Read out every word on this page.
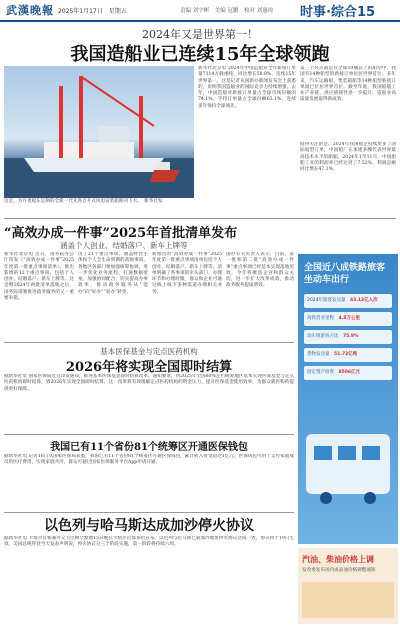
武漢晚報 2025年1月17日　星期五	责编 刘宇彬　美编 冠鹏　校对 刘惠琼 时事·综合15
2024年又是世界第一！
我国造船业已连续15年全球领跑
这是，为丹麦船东定制的全新一代先进自升式风电安装船期刊下水。　新华社发
新华社北京电 2024年中国造船业全年新接订单量7114万载重吨，同比增长58.8%，连续15年世界第一。这是记者从国新办新闻发布会上获悉的，说明我国造船业的国际竞争力持续增强。去年，中国造船业新接订单量占全球市场份额的74.1%，手持订单量占全球份额63.1%，连续多年保持全球领先。
第三个亮点就是在全球10艘以上的船型中，我国有14种船型的新接订单位居世界首位。多年来，汽车运输船、集装箱船等14种船型新接订单量已位居世界首位。截至年底，我国船舶工业产业链、供应链韧性进一步提升，造船业高质量发展取得新成效。
值得关注的是，2024年我国船企持续更多了国际船型订单，中国船厂正承建多艘代表世界最高技术水平的船舶。2024年1至11月，中国船舶工业的利润率已经达到了7.52%，利润总额同比增长47.1%。
“高效办成一件事”2025年首批清单发布
涵盖个人创业、结婚落户、新车上牌等
新华社北京电 近日，国务院办公厅印发《“高效办成一件事”2025年度第一批重点事项清单》，推出新增的12个重点事项，包括个人创业、结婚落户、新车上牌等。这是继2024年两批清单落地之后，国务院部署推进政务服务的又一重要举措。
出了21个重点事项，涵盖经营主体和个人全生命周期的高频事项。各地区各部门要加强统筹协调，进一步优化业务流程、打通数据壁垒、加强协同配合，切实提高办事效率，推动政务服务从“能办”向“好办”“易办”转变。
新推出的“高效办成一件事”2025年度第一批重点事项清单包括个人创业、结婚落户、新车上牌等。清单明确了各事项的牵头部门、办理环节和办理时限，群众和企业可通过线上线下多种渠道办理相关业务。
国办有关负责人表示，目前，第一批和第二批“高效办成一件事”重点事项已经基本实现落地见效。今年将聚焦企业和群众关切，进一步扩大改革成效，推动政务服务提质增效。
基本医保基金与定点医药机构
2026年将实现全国即时结算
据新华社电 国家医保局近日印发通知，推进基本医保基金即时结算改革。通知要求，到2025年全国80%左右统筹地区基本实现医保基金与定点医药机构即时结算，到2026年实现全国即时结算。这一改革将有效缓解定点医药机构的资金压力，提升医保基金使用效率，为群众就医购药提供更好保障。
我国已有11个省份81个统筹区开通医保钱包
据新华社电 记者16日从国家医保局获悉，我国已有11个省份81个统筹区开通医保钱包，累计转入资金超过1亿元。医保钱包可用于支付家庭成员的医疗费用，实现家庭共济，群众可通过国家医保服务平台App申请开通。
以色列与哈马斯达成加沙停火协议
据新华社电 卡塔尔首相兼外交大臣穆罕默德15日晚在卡塔尔首都多哈宣布，以色列与哈马斯已就加沙地带停火协议达成一致，协议将于19日生效。美国总统拜登当天发表声明说，停火协议分三个阶段实施，第一阶段将持续六周。
全国近八成铁路旅客坐动车出行
2024年旅客发送量　 43.12亿人次
高铁营业里程　 4.8万公里
动车组旅客占比　 75.9%
货物发送量　 51.72亿吨
固定资产投资　 8506亿元
汽油、柴油价格上调
发改委发布国内成品油价格调整通知
